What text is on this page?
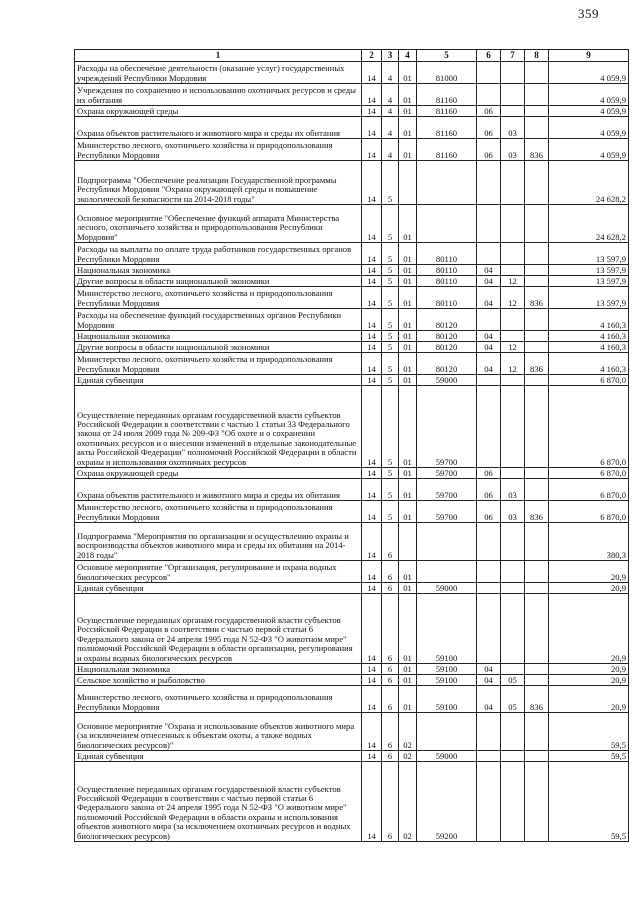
359
1	2	3	4	5	6	7	8	9
Расходы на обеспечение деятельности (оказание услуг) государственных учреждений Республики Мордовия	14	4	01	81000				4 059,9
Учреждения по сохранению и использованию охотничьих ресурсов и среды их обитания	14	4	01	81160				4 059,9
Охрана окружающей среды	14	4	01	81160	06			4 059,9
Охрана объектов растительного и животного мира и среды их обитания	14	4	01	81160	06	03		4 059,9
Министерство лесного, охотничьего хозяйства и природопользования Республики Мордовия	14	4	01	81160	06	03	836	4 059,9
Подпрограмма "Обеспечение реализации Государственной программы Республики Мордовия "Охрана окружающей среды и повышение экологической безопасности на 2014-2018 годы"	14	5						24 628,2
Основное мероприятие "Обеспечение функций аппарата Министерства лесного, охотничьего хозяйства и природопользования Республики Мордовия"	14	5	01					24 628,2
Расходы на выплаты по оплате труда работников государственных органов Республики Мордовия	14	5	01	80110				13 597,9
Национальная экономика	14	5	01	80110	04			13 597,9
Другие вопросы в области национальной экономики	14	5	01	80110	04	12		13 597,9
Министерство лесного, охотничьего хозяйства и природопользования Республики Мордовия	14	5	01	80110	04	12	836	13 597,9
Расходы на обеспечение функций государственных органов Республики Мордовия	14	5	01	80120				4 160,3
Национальная экономика	14	5	01	80120	04			4 160,3
Другие вопросы в области национальной экономики	14	5	01	80120	04	12		4 160,3
Министерство лесного, охотничьего хозяйства и природопользования Республики Мордовия	14	5	01	80120	04	12	836	4 160,3
Единая субвенция	14	5	01	59000				6 870,0
Осуществление переданных органам государственной власти субъектов Российской Федерации в соответствии с частью 1 статьи 33 Федерального закона от 24 июля 2009 года № 209-ФЗ "Об охоте и о сохранении охотничьих ресурсов и о внесении изменений в отдельные законодательные акты Российской Федерации" полномочий Российской Федерации в области охраны и использования охотничьих ресурсов	14	5	01	59700				6 870,0
Охрана окружающей среды	14	5	01	59700	06			6 870,0
Охрана объектов растительного и животного мира и среды их обитания	14	5	01	59700	06	03		6 870,0
Министерство лесного, охотничьего хозяйства и природопользования Республики Мордовия	14	5	01	59700	06	03	836	6 870,0
Подпрограмма "Мероприятия по организации и осуществлению охраны и воспроизводства объектов животного мира и среды их обитания на 2014-2018 годы"	14	6						380,3
Основное мероприятие "Организация, регулирование и охрана водных биологических ресурсов"	14	6	01					20,9
Единая субвенция	14	6	01	59000				20,9
Осуществление переданных органам государственной власти субъектов Российской Федерации в соответствии с частью первой статьи 6 Федерального закона от 24 апреля 1995 года N 52-ФЗ "О животном мире" полномочий Российской Федерации в области организации, регулирования и охраны водных биологических ресурсов	14	6	01	59100				20,9
Национальная экономика	14	6	01	59100	04			20,9
Сельское хозяйство и рыболовство	14	6	01	59100	04	05		20,9
Министерство лесного, охотничьего хозяйства и природопользования Республики Мордовия	14	6	01	59100	04	05	836	20,9
Основное мероприятие "Охрана и использование объектов животного мира (за исключением отнесенных к объектам охоты, а также водных биологических ресурсов)"	14	6	02					59,5
Единая субвенция	14	6	02	59000				59,5
Осуществление переданных органам государственной власти субъектов Российской Федерации в соответствии с частью первой статьи 6 Федерального закона от 24 апреля 1995 года N 52-ФЗ "О животном мире" полномочий Российской Федерации в области охраны и использования объектов животного мира (за исключением охотничьих ресурсов и водных биологических ресурсов)	14	6	02	59200				59,5
